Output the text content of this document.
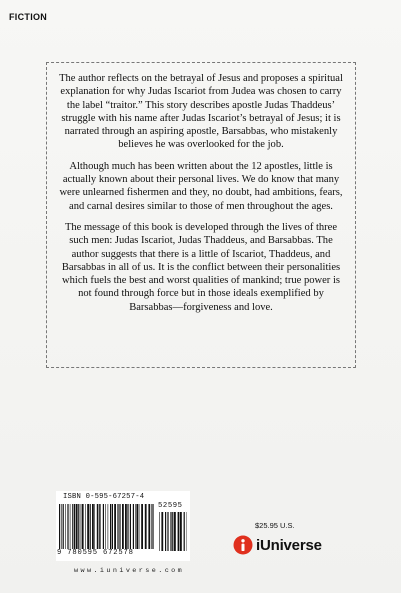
FICTION

The author reflects on the betrayal of Jesus and proposes a spiritual explanation for why Judas Iscariot from Judea was chosen to carry the label “traitor.” This story describes apostle Judas Thaddeus’ struggle with his name after Judas Iscariot’s betrayal of Jesus; it is narrated through an aspiring apostle, Barsabbas, who mistakenly believes he was overlooked for the job.

Although much has been written about the 12 apostles, little is actually known about their personal lives. We do know that many were unlearned fishermen and they, no doubt, had ambitions, fears, and carnal desires similar to those of men throughout the ages.

The message of this book is developed through the lives of three such men: Judas Iscariot, Judas Thaddeus, and Barsabbas. The author suggests that there is a little of Iscariot, Thaddeus, and Barsabbas in all of us. It is the conflict between their personalities which fuels the best and worst qualities of mankind; true power is not found through force but in those ideals exemplified by Barsabbas—forgiveness and love.

ISBN 0-595-67257-4
52595
9 780595 672578
www.iuniverse.com
$25.95 U.S.
iUniverse
